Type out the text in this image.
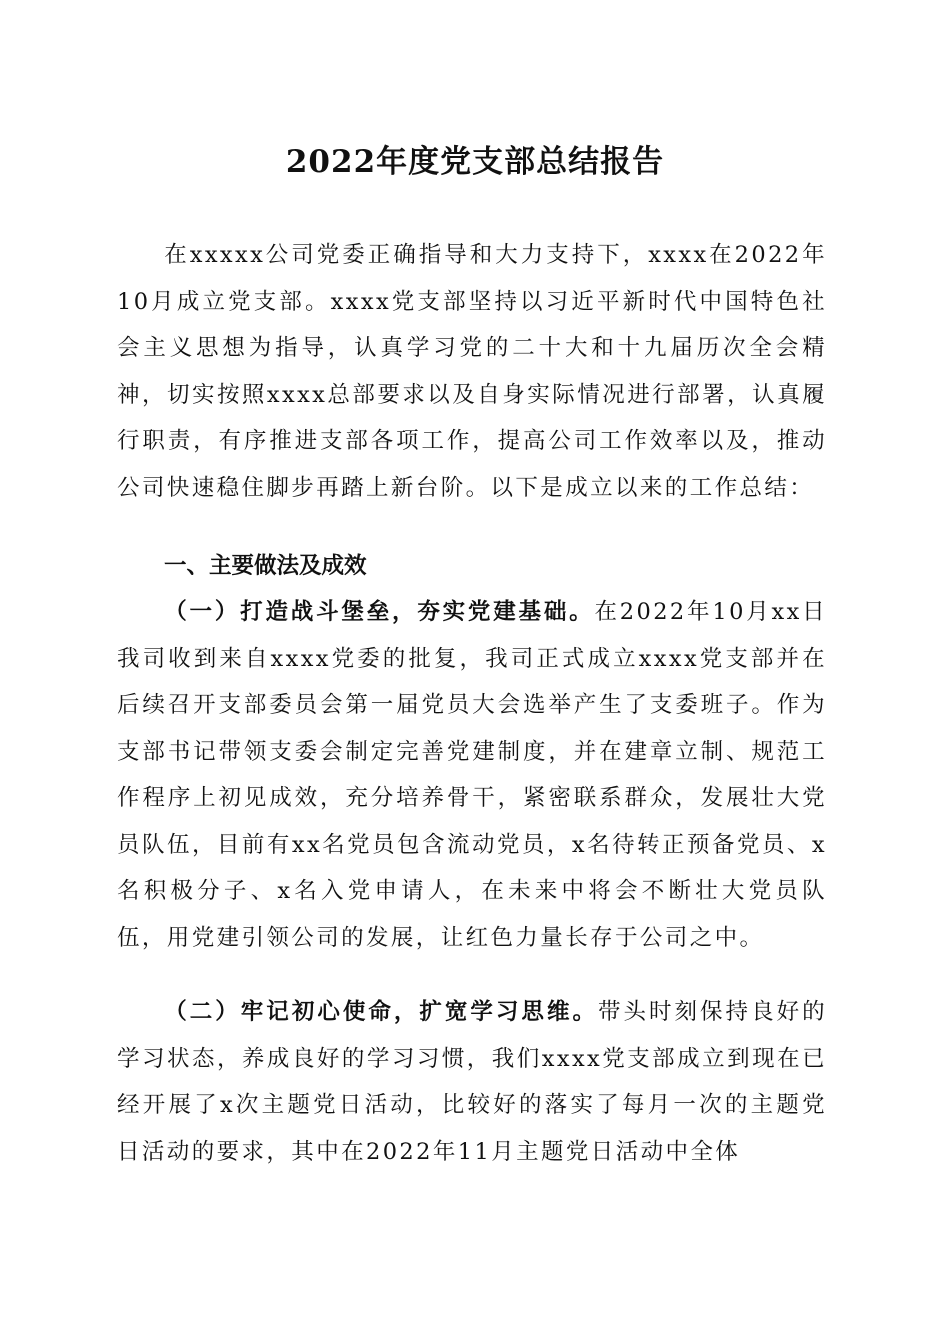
2022年度党支部总结报告

在xxxxx公司党委正确指导和大力支持下，xxxx在2022年10月成立党支部。xxxx党支部坚持以习近平新时代中国特色社会主义思想为指导，认真学习党的二十大和十九届历次全会精神，切实按照xxxx总部要求以及自身实际情况进行部署，认真履行职责，有序推进支部各项工作，提高公司工作效率以及，推动公司快速稳住脚步再踏上新台阶。以下是成立以来的工作总结：

一、主要做法及成效

（一）打造战斗堡垒，夯实党建基础。在2022年10月xx日我司收到来自xxxx党委的批复，我司正式成立xxxx党支部并在后续召开支部委员会第一届党员大会选举产生了支委班子。作为支部书记带领支委会制定完善党建制度，并在建章立制、规范工作程序上初见成效，充分培养骨干，紧密联系群众，发展壮大党员队伍，目前有xx名党员包含流动党员，x名待转正预备党员、x名积极分子、x名入党申请人，在未来中将会不断壮大党员队伍，用党建引领公司的发展，让红色力量长存于公司之中。

（二）牢记初心使命，扩宽学习思维。带头时刻保持良好的学习状态，养成良好的学习习惯，我们xxxx党支部成立到现在已经开展了x次主题党日活动，比较好的落实了每月一次的主题党日活动的要求，其中在2022年11月主题党日活动中全体
